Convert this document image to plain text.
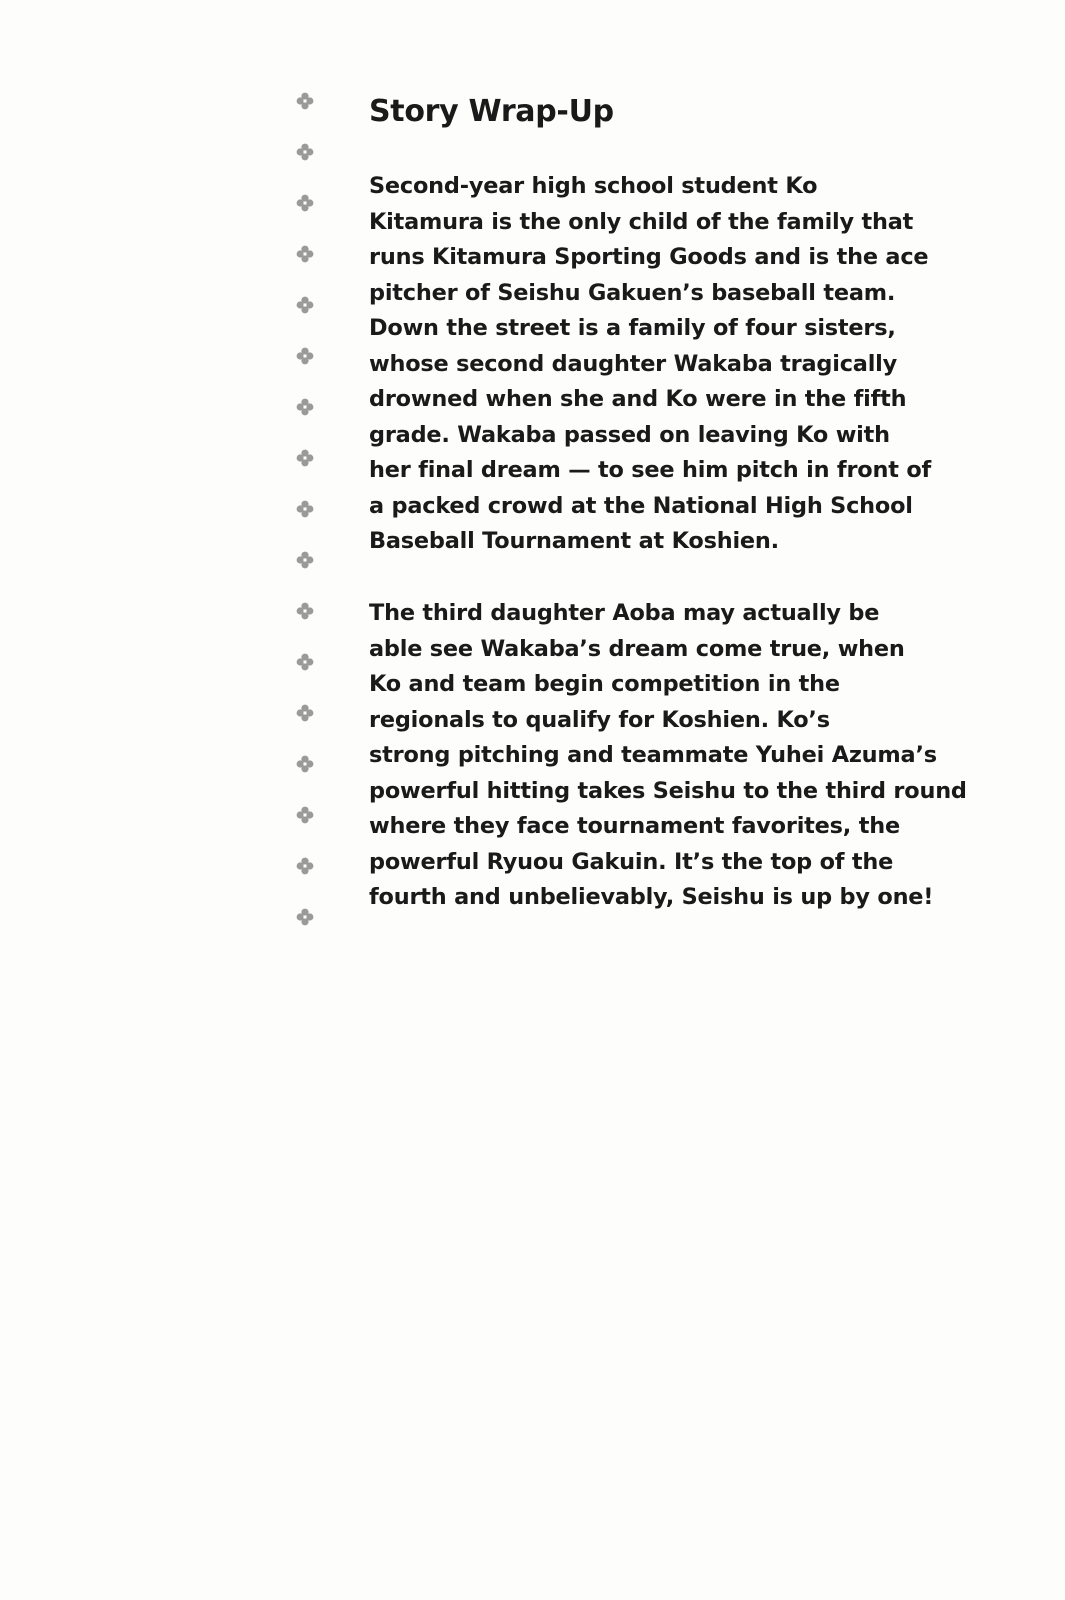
Story Wrap-Up

Second-year high school student Ko
Kitamura is the only child of the family that
runs Kitamura Sporting Goods and is the ace
pitcher of Seishu Gakuen’s baseball team.
Down the street is a family of four sisters,
whose second daughter Wakaba tragically
drowned when she and Ko were in the fifth
grade. Wakaba passed on leaving Ko with
her final dream — to see him pitch in front of
a packed crowd at the National High School
Baseball Tournament at Koshien.

The third daughter Aoba may actually be
able see Wakaba’s dream come true, when
Ko and team begin competition in the
regionals to qualify for Koshien. Ko’s
strong pitching and teammate Yuhei Azuma’s
powerful hitting takes Seishu to the third round
where they face tournament favorites, the
powerful Ryuou Gakuin. It’s the top of the
fourth and unbelievably, Seishu is up by one!
